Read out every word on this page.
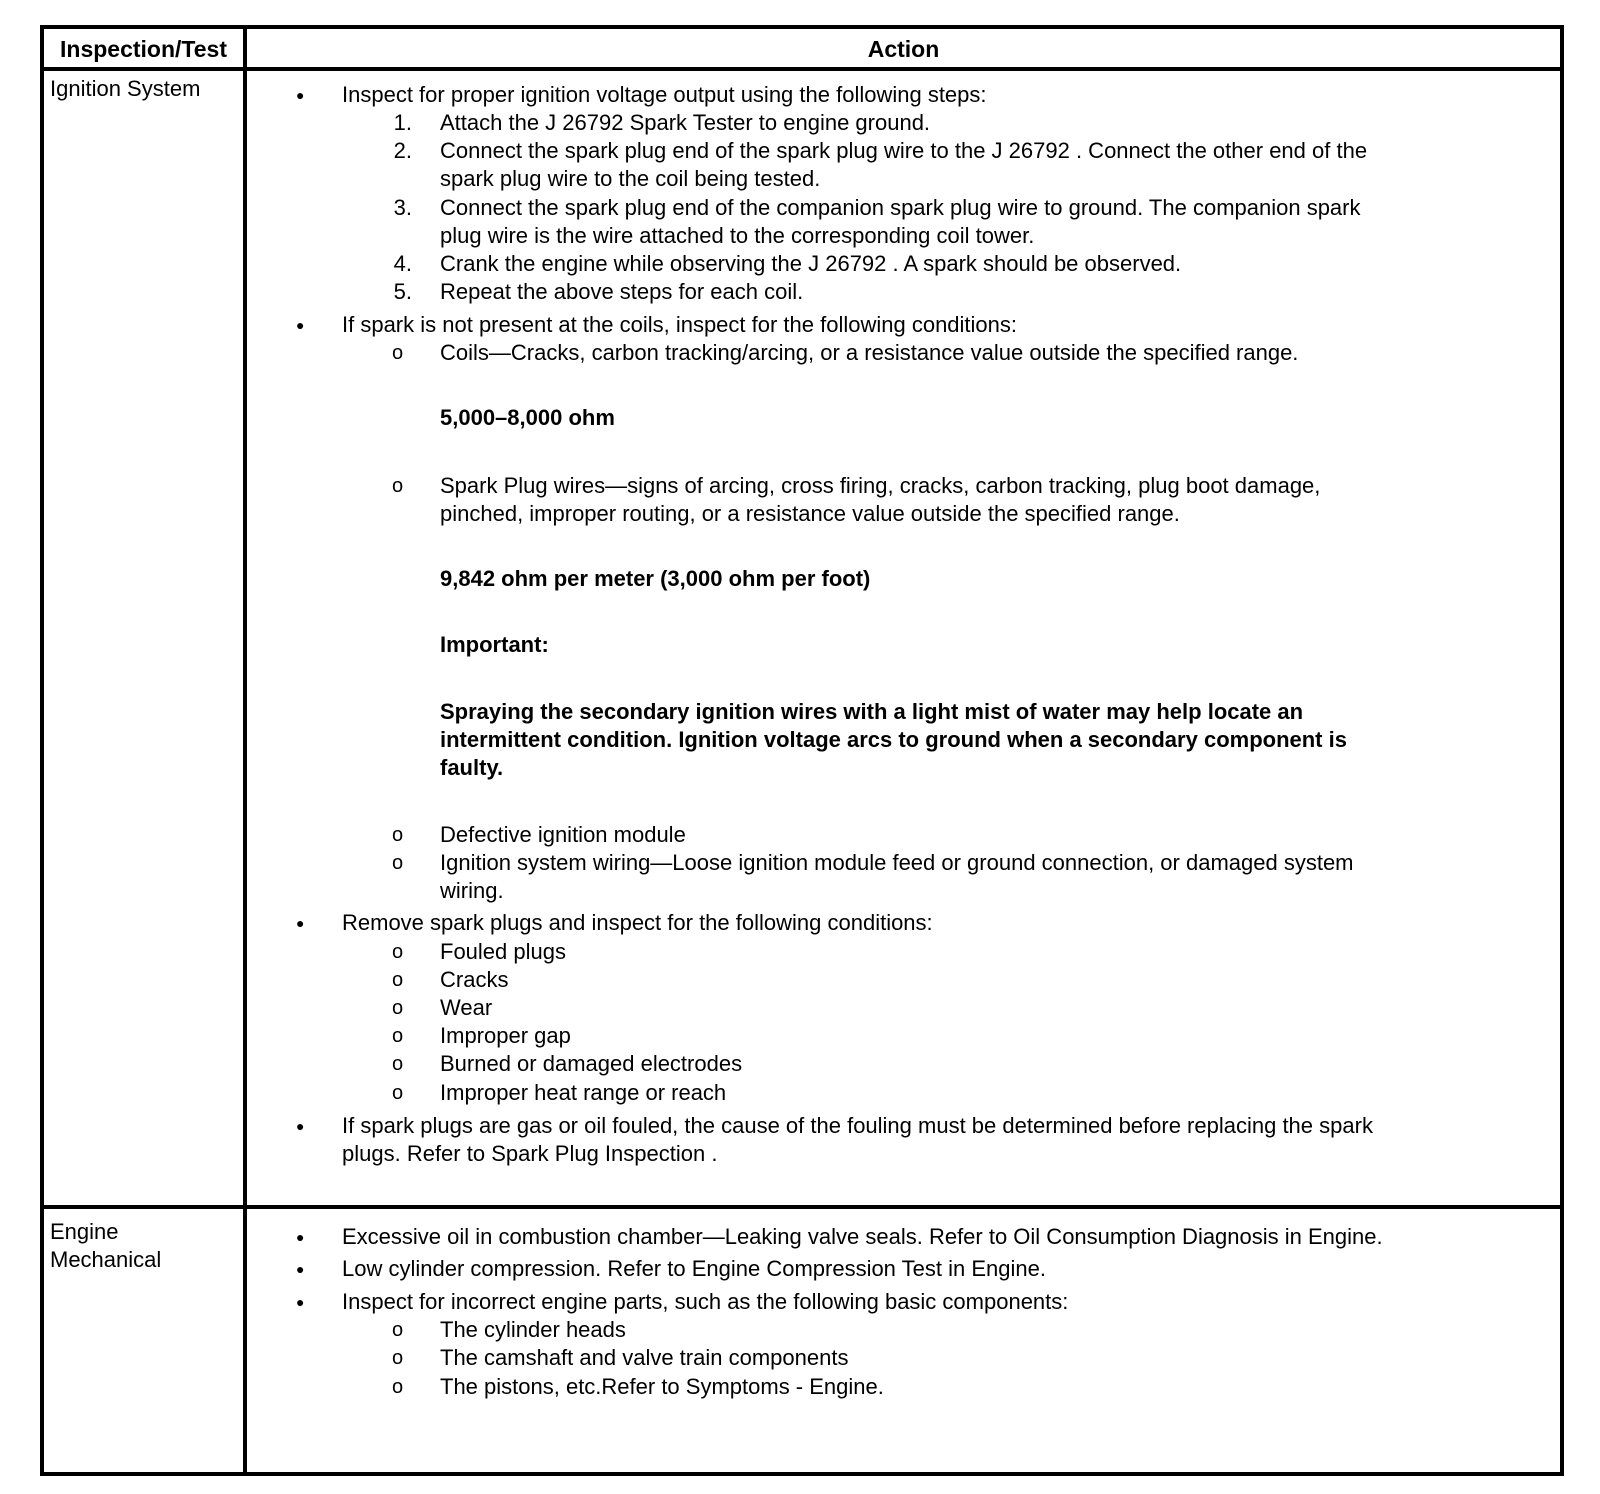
Inspection/Test	Action
Ignition System	● Inspect for proper ignition voltage output using the following steps:
1. Attach the J 26792 Spark Tester to engine ground.
2. Connect the spark plug end of the spark plug wire to the J 26792 . Connect the other end of the
spark plug wire to the coil being tested.
3. Connect the spark plug end of the companion spark plug wire to ground. The companion spark
plug wire is the wire attached to the corresponding coil tower.
4. Crank the engine while observing the J 26792 . A spark should be observed.
5. Repeat the above steps for each coil.
● If spark is not present at the coils, inspect for the following conditions:
o Coils—Cracks, carbon tracking/arcing, or a resistance value outside the specified range.
5,000–8,000 ohm
o Spark Plug wires—signs of arcing, cross firing, cracks, carbon tracking, plug boot damage,
pinched, improper routing, or a resistance value outside the specified range.
9,842 ohm per meter (3,000 ohm per foot)
Important:
Spraying the secondary ignition wires with a light mist of water may help locate an
intermittent condition. Ignition voltage arcs to ground when a secondary component is
faulty.
o Defective ignition module
o Ignition system wiring—Loose ignition module feed or ground connection, or damaged system
wiring.
● Remove spark plugs and inspect for the following conditions:
o Fouled plugs
o Cracks
o Wear
o Improper gap
o Burned or damaged electrodes
o Improper heat range or reach
● If spark plugs are gas or oil fouled, the cause of the fouling must be determined before replacing the spark
plugs. Refer to Spark Plug Inspection .
Engine
Mechanical
● Excessive oil in combustion chamber—Leaking valve seals. Refer to Oil Consumption Diagnosis in Engine.
● Low cylinder compression. Refer to Engine Compression Test in Engine.
● Inspect for incorrect engine parts, such as the following basic components:
o The cylinder heads
o The camshaft and valve train components
o The pistons, etc.Refer to Symptoms - Engine.
